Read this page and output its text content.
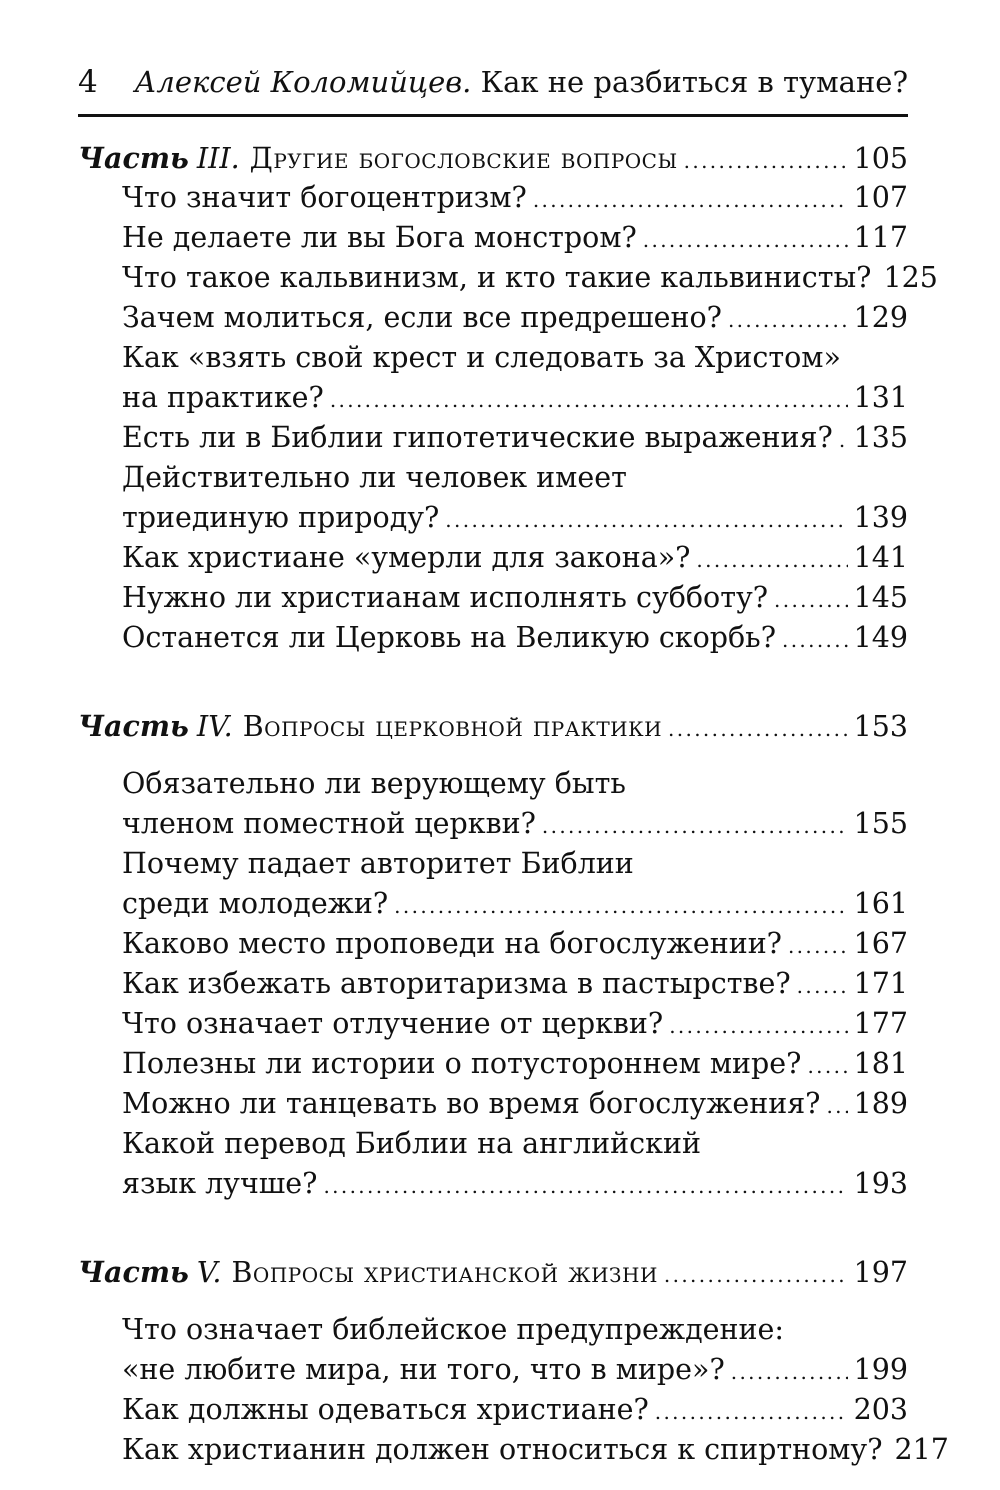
4 Алексей Коломийцев. Как не разбиться в тумане?
Часть III. Другие богословские вопросы . . .	105
Что значит богоцентризм? . . .	107
Не делаете ли вы Бога монстром? . . .	117
Что такое кальвинизм, и кто такие кальвинисты? 125
Зачем молиться, если все предрешено? . . .	129
Как «взять свой крест и следовать за Христом»
на практике? . . .	131
Есть ли в Библии гипотетические выражения? . . . 135
Действительно ли человек имеет
триединую природу? . . .	139
Как христиане «умерли для закона»? . . .	141
Нужно ли христианам исполнять субботу? . . .	145
Останется ли Церковь на Великую скорбь? . . .	149
Часть IV. Вопросы церковной практики . . .	153
Обязательно ли верующему быть
членом поместной церкви? . . .	155
Почему падает авторитет Библии
среди молодежи? . . .	161
Каково место проповеди на богослужении? . . .	167
Как избежать авторитаризма в пастырстве? . . . 171
Что означает отлучение от церкви? . . .	177
Полезны ли истории о потустороннем мире? . . . 181
Можно ли танцевать во время богослужения? . . . 189
Какой перевод Библии на английский
язык лучше? . . .	193
Часть V. Вопросы христианской жизни . . .	197
Что означает библейское предупреждение:
«не любите мира, ни того, что в мире»? . . .	199
Как должны одеваться христиане? . . .	203
Как христианин должен относиться к спиртному? 217
